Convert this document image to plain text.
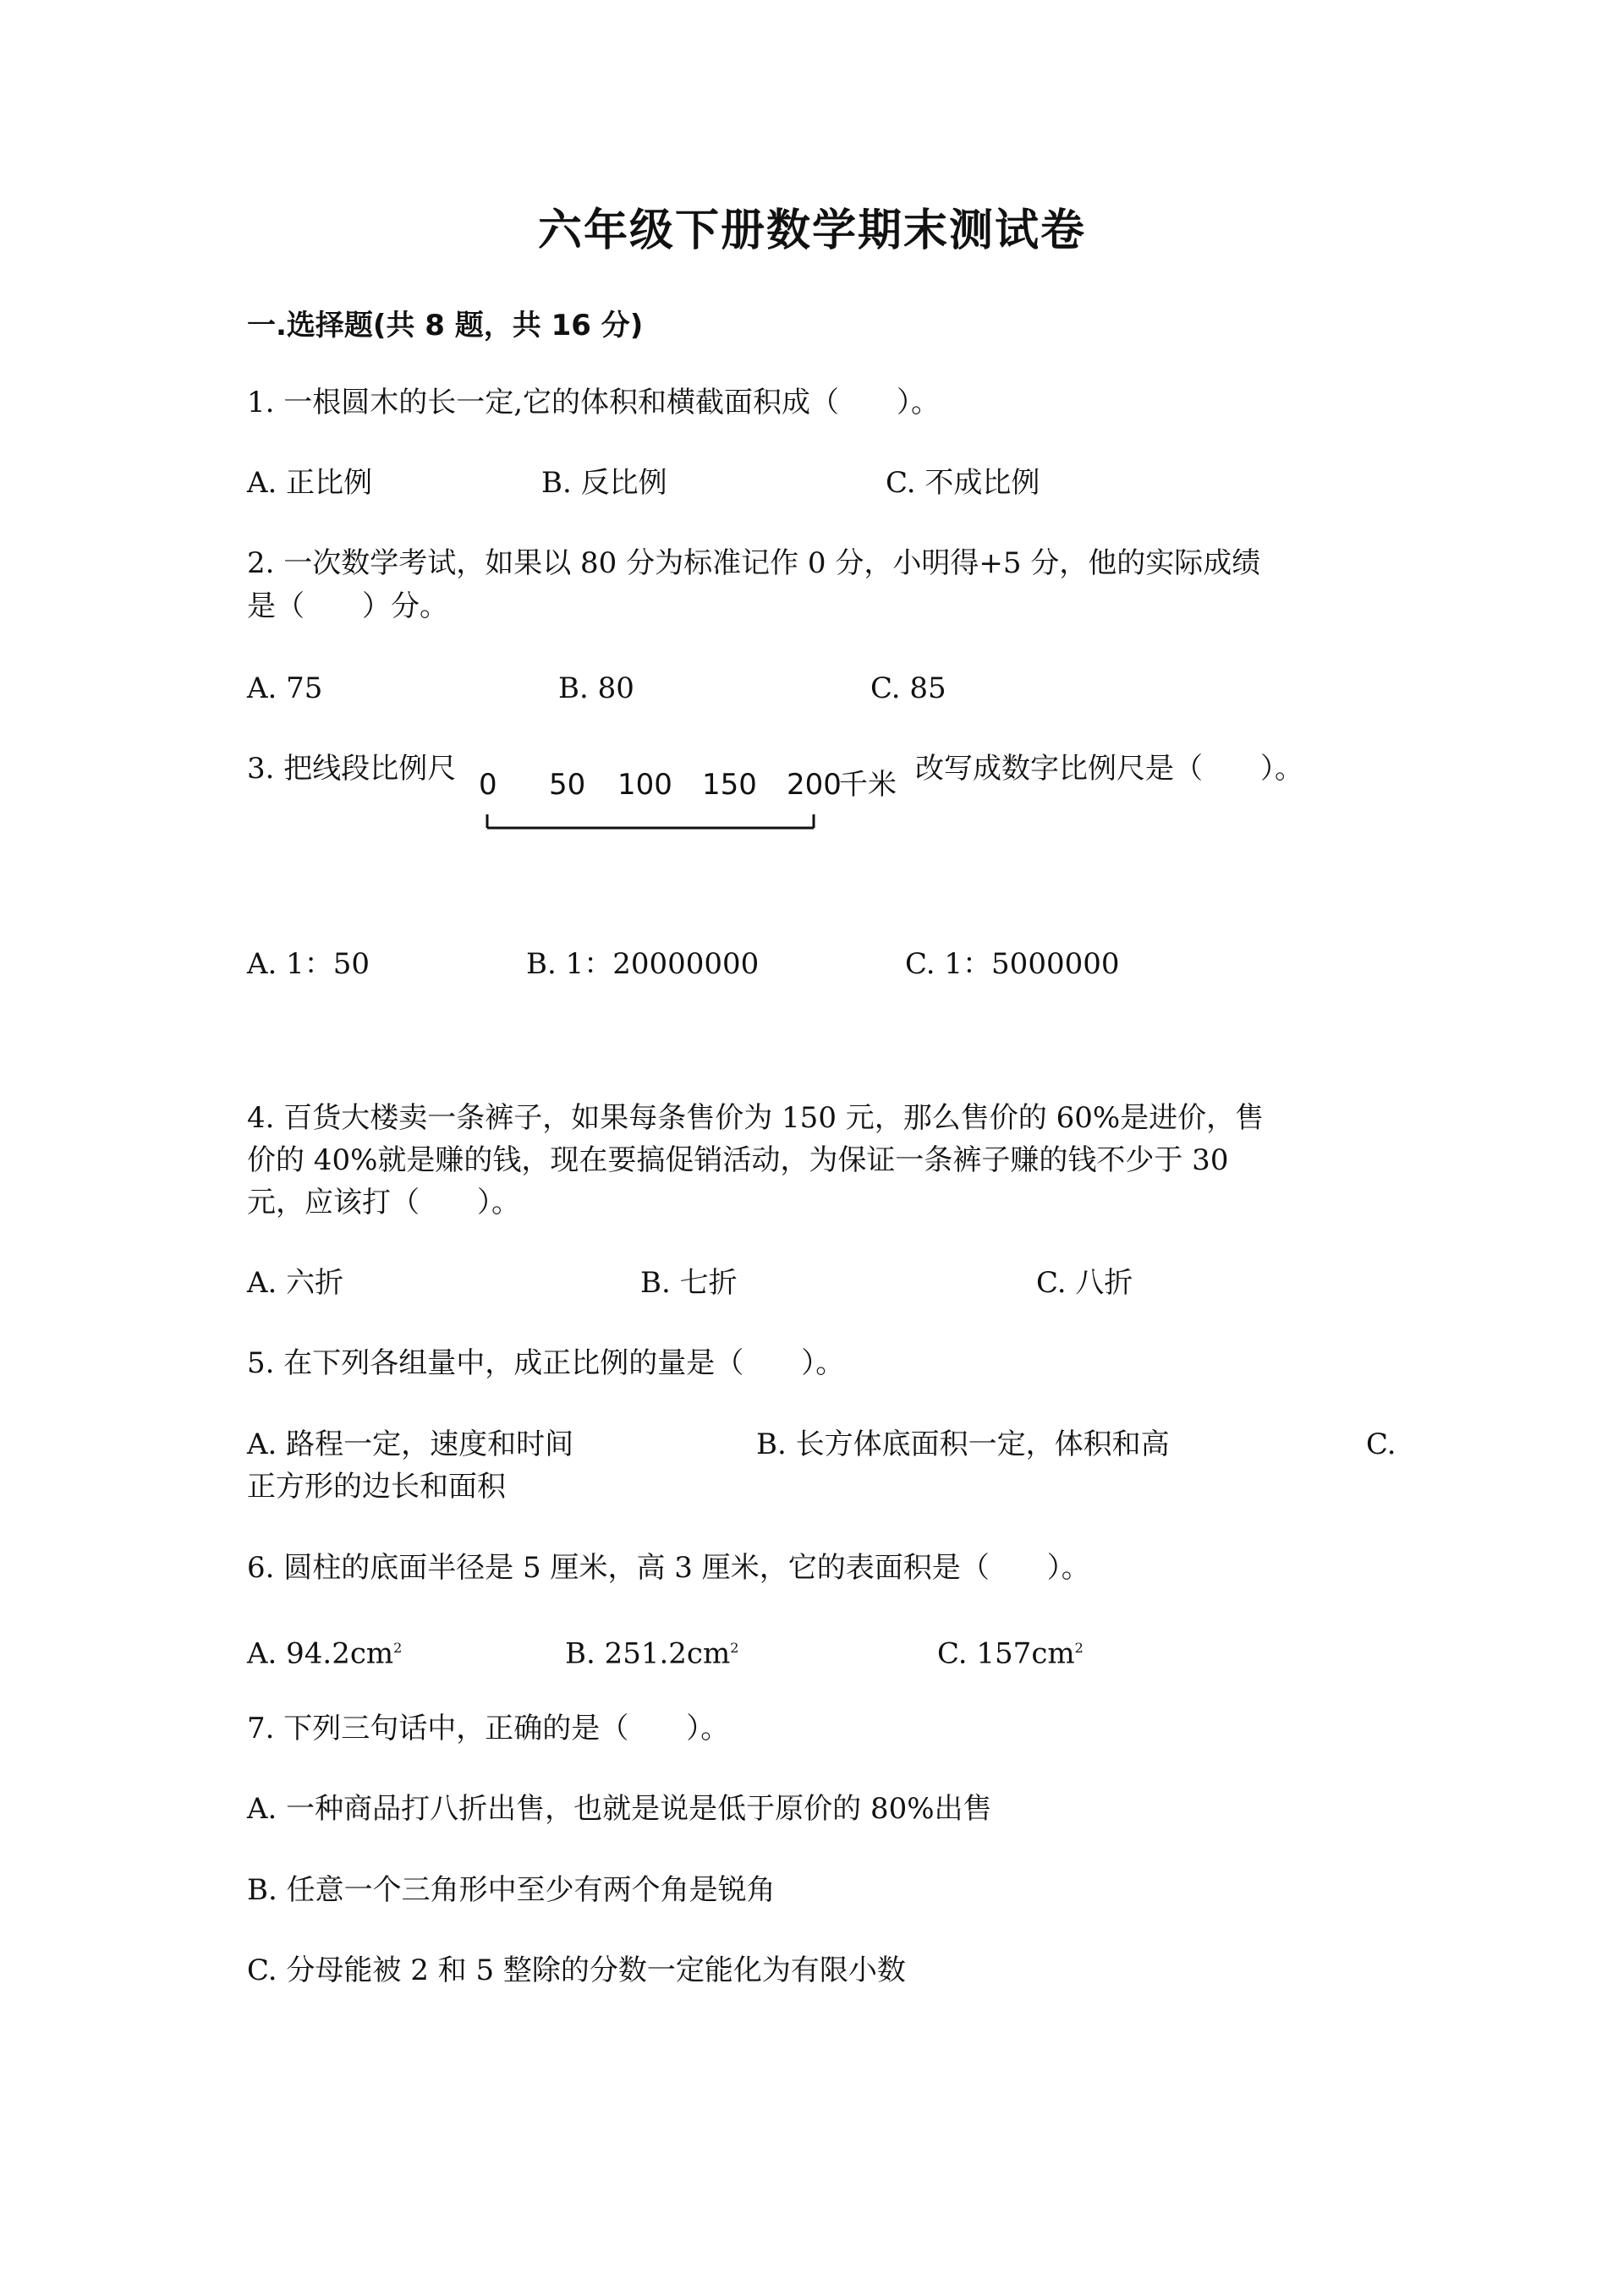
六年级下册数学期末测试卷
一.选择题(共 8 题，共 16 分)
1. 一根圆木的长一定,它的体积和横截面积成（　　）。
A. 正比例	B. 反比例	C. 不成比例
2. 一次数学考试，如果以 80 分为标准记作 0 分，小明得+5 分，他的实际成绩
是（　　）分。
A. 75	B. 80	C. 85
3. 把线段比例尺 0 50 100 150 200
千米 改写成数字比例尺是（　　）。
A. 1：50	B. 1：20000000	C. 1：5000000
4. 百货大楼卖一条裤子，如果每条售价为 150 元，那么售价的 60%是进价，售
价的 40%就是赚的钱，现在要搞促销活动，为保证一条裤子赚的钱不少于 30
元，应该打（　　）。
A. 六折	B. 七折	C. 八折
5. 在下列各组量中，成正比例的量是（　　）。
A. 路程一定，速度和时间	B. 长方体底面积一定，体积和高	C.
正方形的边长和面积
6. 圆柱的底面半径是 5 厘米，高 3 厘米，它的表面积是（　　）。
A. $94.2cm^2$	B. $251.2cm^2$	C. $157cm^2$
7. 下列三句话中，正确的是（　　）。
A. 一种商品打八折出售，也就是说是低于原价的 80%出售
B. 任意一个三角形中至少有两个角是锐角
C. 分母能被 2 和 5 整除的分数一定能化为有限小数
